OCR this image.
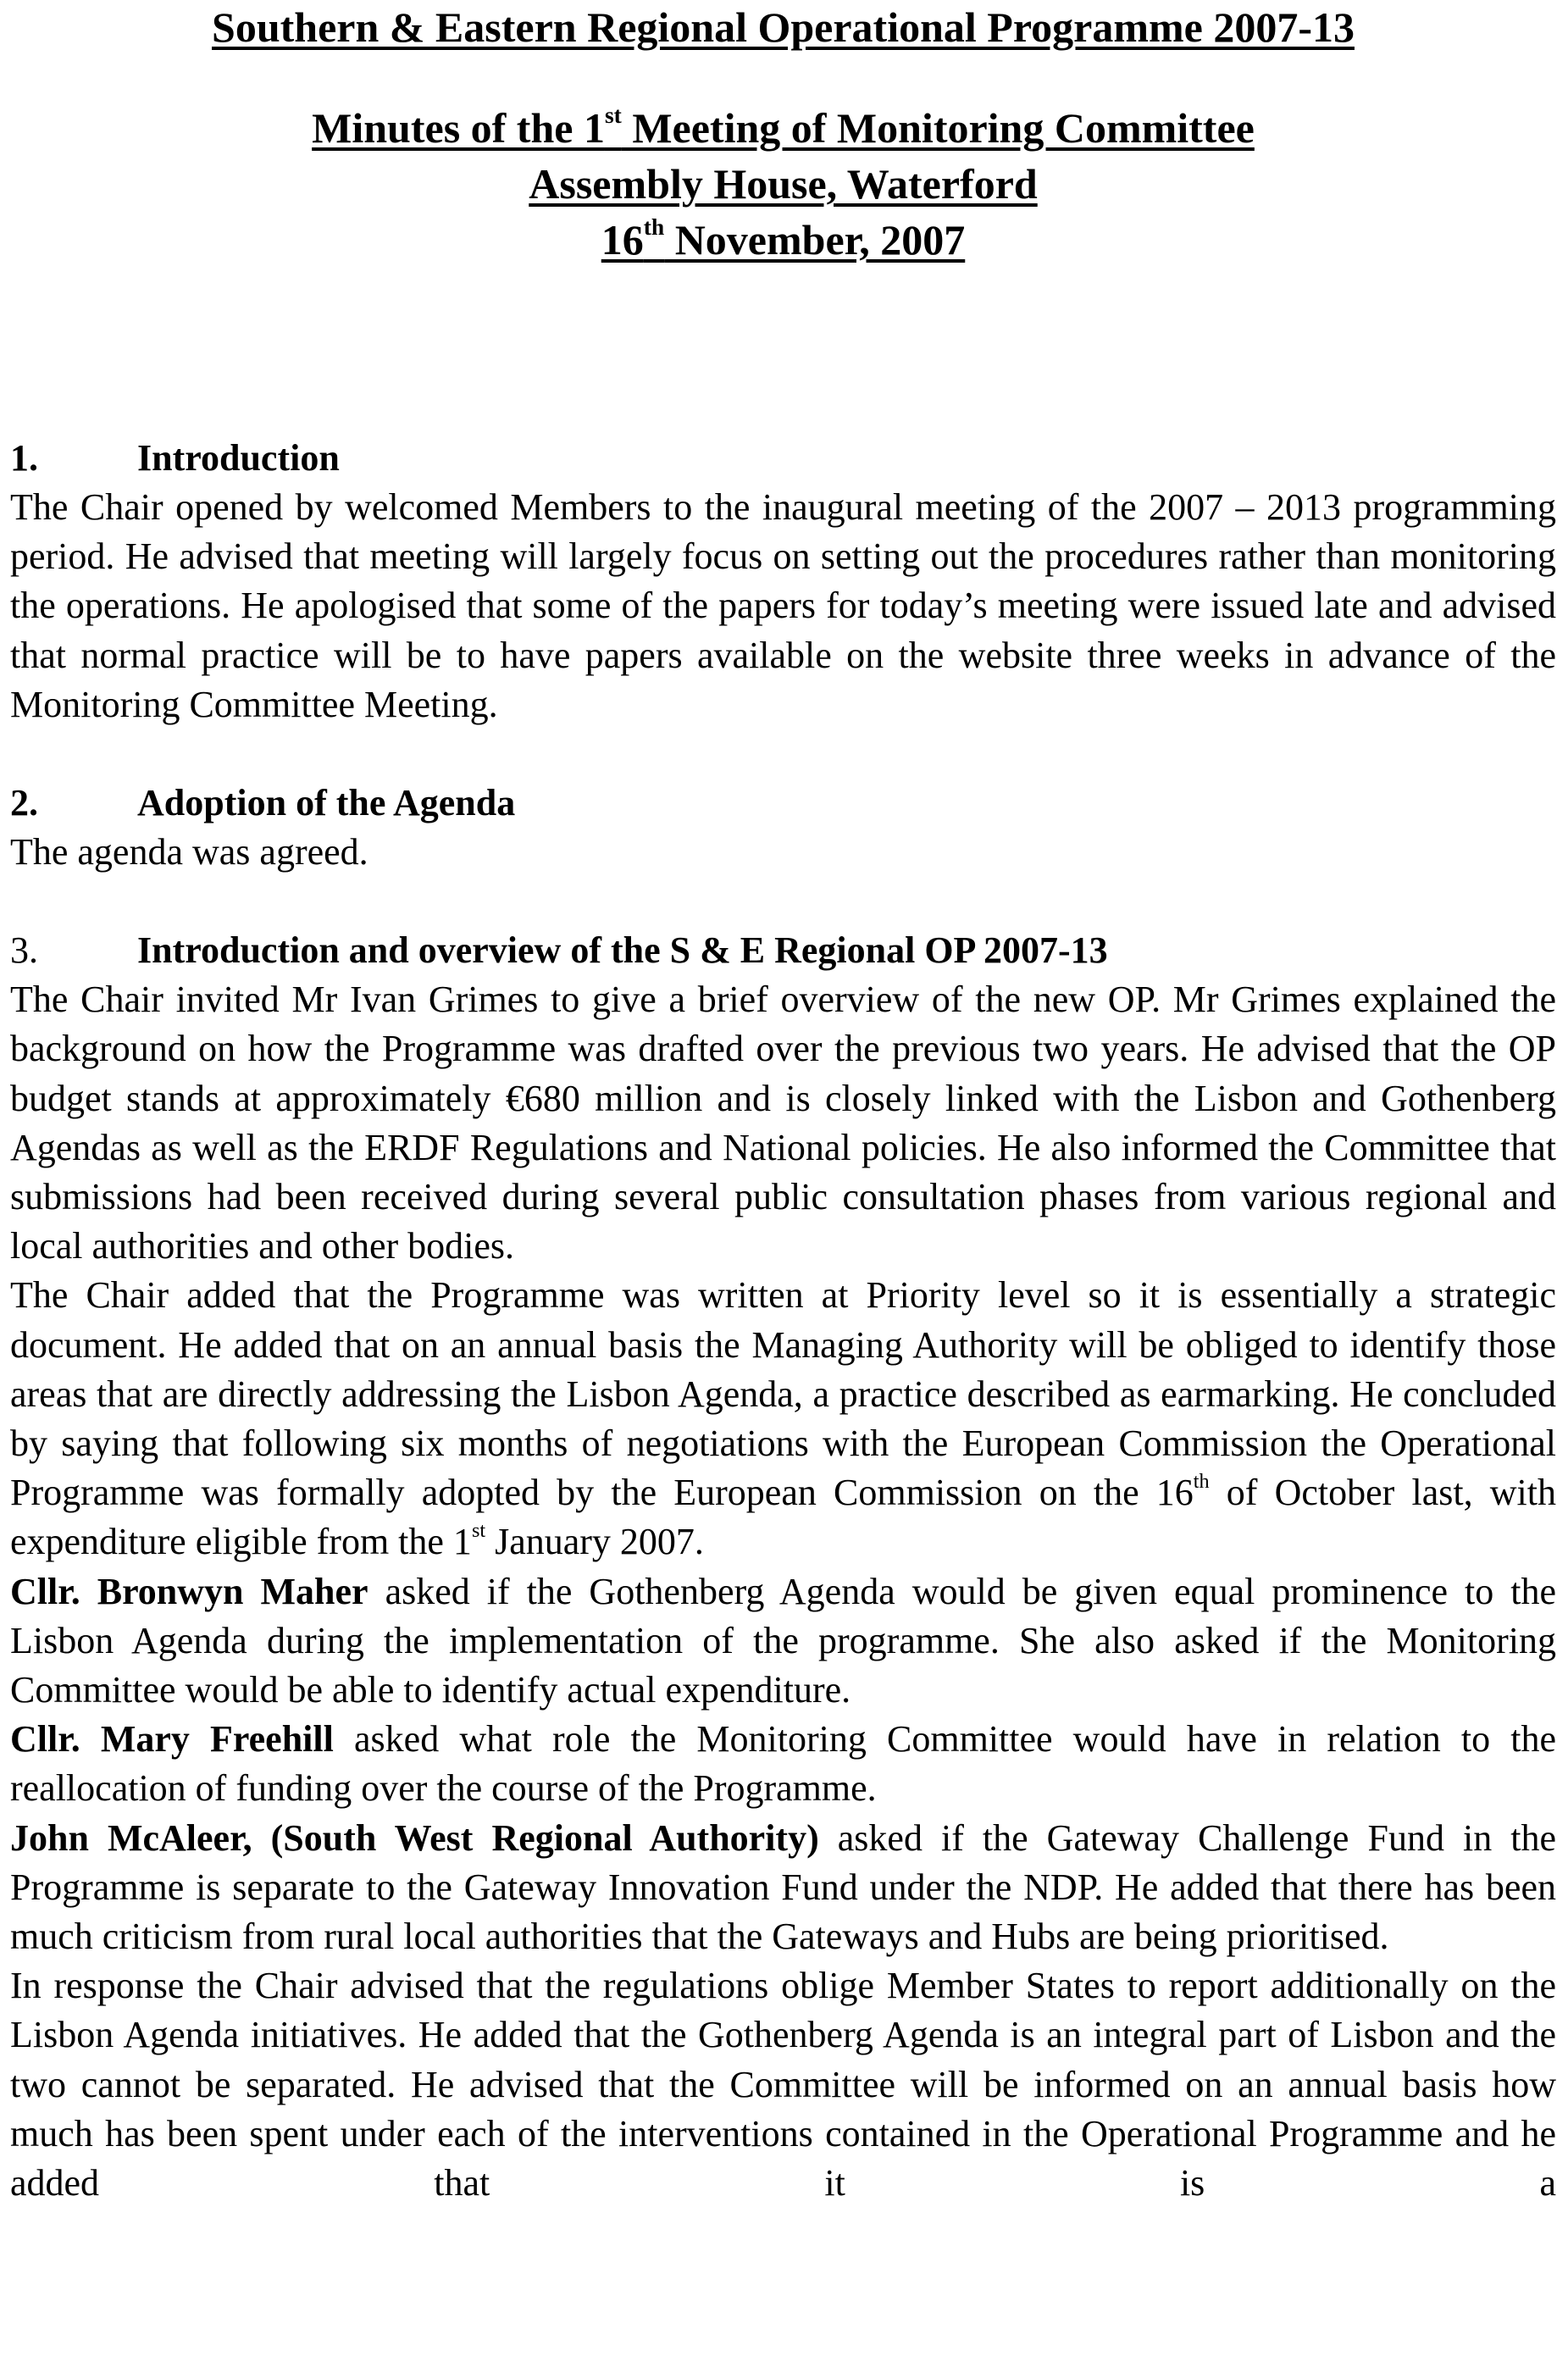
Southern & Eastern Regional Operational Programme 2007-13
Minutes of the 1st Meeting of Monitoring Committee
Assembly House, Waterford
16th November, 2007
1.	Introduction

The Chair opened by welcomed Members to the inaugural meeting of the 2007 – 2013 programming period. He advised that meeting will largely focus on setting out the procedures rather than monitoring the operations. He apologised that some of the papers for today’s meeting were issued late and advised that normal practice will be to have papers available on the website three weeks in advance of the Monitoring Committee Meeting.

2.	Adoption of the Agenda

The agenda was agreed.

3.	Introduction and overview of the S & E Regional OP 2007-13

The Chair invited Mr Ivan Grimes to give a brief overview of the new OP. Mr Grimes explained the background on how the Programme was drafted over the previous two years. He advised that the OP budget stands at approximately €680 million and is closely linked with the Lisbon and Gothenberg Agendas as well as the ERDF Regulations and National policies. He also informed the Committee that submissions had been received during several public consultation phases from various regional and local authorities and other bodies.

The Chair added that the Programme was written at Priority level so it is essentially a strategic document. He added that on an annual basis the Managing Authority will be obliged to identify those areas that are directly addressing the Lisbon Agenda, a practice described as earmarking. He concluded by saying that following six months of negotiations with the European Commission the Operational Programme was formally adopted by the European Commission on the 16th of October last, with expenditure eligible from the 1st January 2007.

Cllr. Bronwyn Maher asked if the Gothenberg Agenda would be given equal prominence to the Lisbon Agenda during the implementation of the programme. She also asked if the Monitoring Committee would be able to identify actual expenditure.

Cllr. Mary Freehill asked what role the Monitoring Committee would have in relation to the reallocation of funding over the course of the Programme.

John McAleer, (South West Regional Authority) asked if the Gateway Challenge Fund in the Programme is separate to the Gateway Innovation Fund under the NDP. He added that there has been much criticism from rural local authorities that the Gateways and Hubs are being prioritised.

In response the Chair advised that the regulations oblige Member States to report additionally on the Lisbon Agenda initiatives. He added that the Gothenberg Agenda is an integral part of Lisbon and the two cannot be separated. He advised that the Committee will be informed on an annual basis how much has been spent under each of the interventions contained in the Operational Programme and he added that it is a
